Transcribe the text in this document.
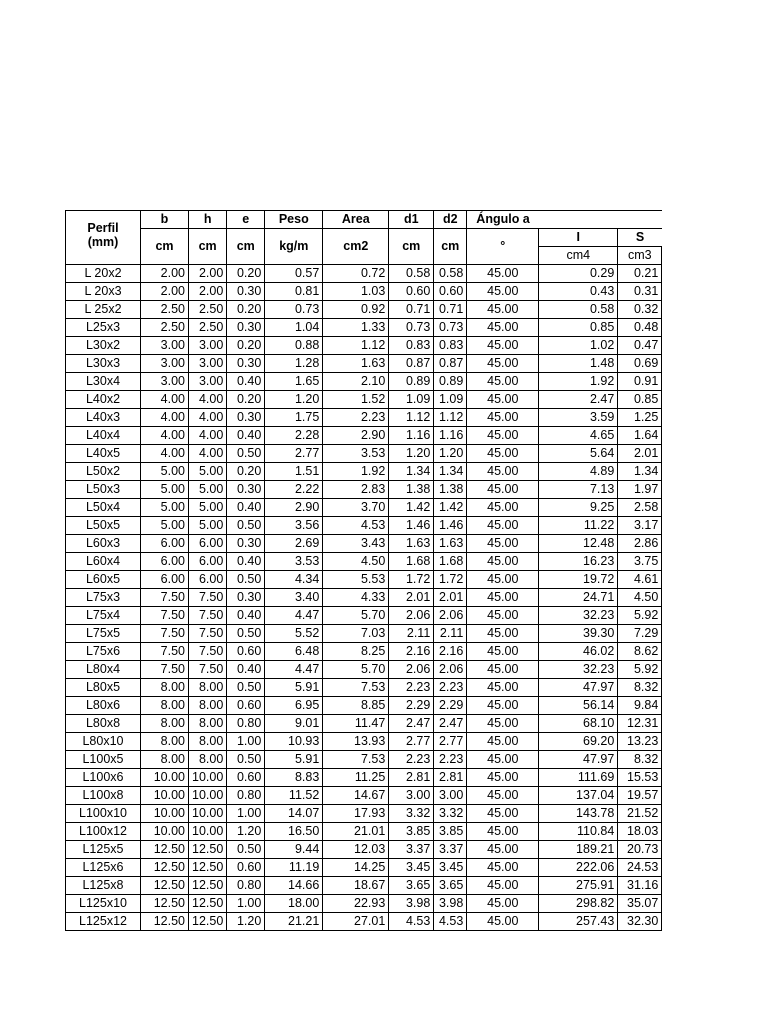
Perfil
(mm)	b	h	e	Peso	Area	d1	d2	Ángulo a		
	cm	cm	cm	kg/m	cm2	cm	cm	°	I	S
									cm4	cm3
L 20x2	2.00	2.00	0.20	0.57	0.72	0.58	0.58	45.00	0.29	0.21
L 20x3	2.00	2.00	0.30	0.81	1.03	0.60	0.60	45.00	0.43	0.31
L 25x2	2.50	2.50	0.20	0.73	0.92	0.71	0.71	45.00	0.58	0.32
L25x3	2.50	2.50	0.30	1.04	1.33	0.73	0.73	45.00	0.85	0.48
L30x2	3.00	3.00	0.20	0.88	1.12	0.83	0.83	45.00	1.02	0.47
L30x3	3.00	3.00	0.30	1.28	1.63	0.87	0.87	45.00	1.48	0.69
L30x4	3.00	3.00	0.40	1.65	2.10	0.89	0.89	45.00	1.92	0.91
L40x2	4.00	4.00	0.20	1.20	1.52	1.09	1.09	45.00	2.47	0.85
L40x3	4.00	4.00	0.30	1.75	2.23	1.12	1.12	45.00	3.59	1.25
L40x4	4.00	4.00	0.40	2.28	2.90	1.16	1.16	45.00	4.65	1.64
L40x5	4.00	4.00	0.50	2.77	3.53	1.20	1.20	45.00	5.64	2.01
L50x2	5.00	5.00	0.20	1.51	1.92	1.34	1.34	45.00	4.89	1.34
L50x3	5.00	5.00	0.30	2.22	2.83	1.38	1.38	45.00	7.13	1.97
L50x4	5.00	5.00	0.40	2.90	3.70	1.42	1.42	45.00	9.25	2.58
L50x5	5.00	5.00	0.50	3.56	4.53	1.46	1.46	45.00	11.22	3.17
L60x3	6.00	6.00	0.30	2.69	3.43	1.63	1.63	45.00	12.48	2.86
L60x4	6.00	6.00	0.40	3.53	4.50	1.68	1.68	45.00	16.23	3.75
L60x5	6.00	6.00	0.50	4.34	5.53	1.72	1.72	45.00	19.72	4.61
L75x3	7.50	7.50	0.30	3.40	4.33	2.01	2.01	45.00	24.71	4.50
L75x4	7.50	7.50	0.40	4.47	5.70	2.06	2.06	45.00	32.23	5.92
L75x5	7.50	7.50	0.50	5.52	7.03	2.11	2.11	45.00	39.30	7.29
L75x6	7.50	7.50	0.60	6.48	8.25	2.16	2.16	45.00	46.02	8.62
L80x4	7.50	7.50	0.40	4.47	5.70	2.06	2.06	45.00	32.23	5.92
L80x5	8.00	8.00	0.50	5.91	7.53	2.23	2.23	45.00	47.97	8.32
L80x6	8.00	8.00	0.60	6.95	8.85	2.29	2.29	45.00	56.14	9.84
L80x8	8.00	8.00	0.80	9.01	11.47	2.47	2.47	45.00	68.10	12.31
L80x10	8.00	8.00	1.00	10.93	13.93	2.77	2.77	45.00	69.20	13.23
L100x5	8.00	8.00	0.50	5.91	7.53	2.23	2.23	45.00	47.97	8.32
L100x6	10.00	10.00	0.60	8.83	11.25	2.81	2.81	45.00	111.69	15.53
L100x8	10.00	10.00	0.80	11.52	14.67	3.00	3.00	45.00	137.04	19.57
L100x10	10.00	10.00	1.00	14.07	17.93	3.32	3.32	45.00	143.78	21.52
L100x12	10.00	10.00	1.20	16.50	21.01	3.85	3.85	45.00	110.84	18.03
L125x5	12.50	12.50	0.50	9.44	12.03	3.37	3.37	45.00	189.21	20.73
L125x6	12.50	12.50	0.60	11.19	14.25	3.45	3.45	45.00	222.06	24.53
L125x8	12.50	12.50	0.80	14.66	18.67	3.65	3.65	45.00	275.91	31.16
L125x10	12.50	12.50	1.00	18.00	22.93	3.98	3.98	45.00	298.82	35.07
L125x12	12.50	12.50	1.20	21.21	27.01	4.53	4.53	45.00	257.43	32.30
